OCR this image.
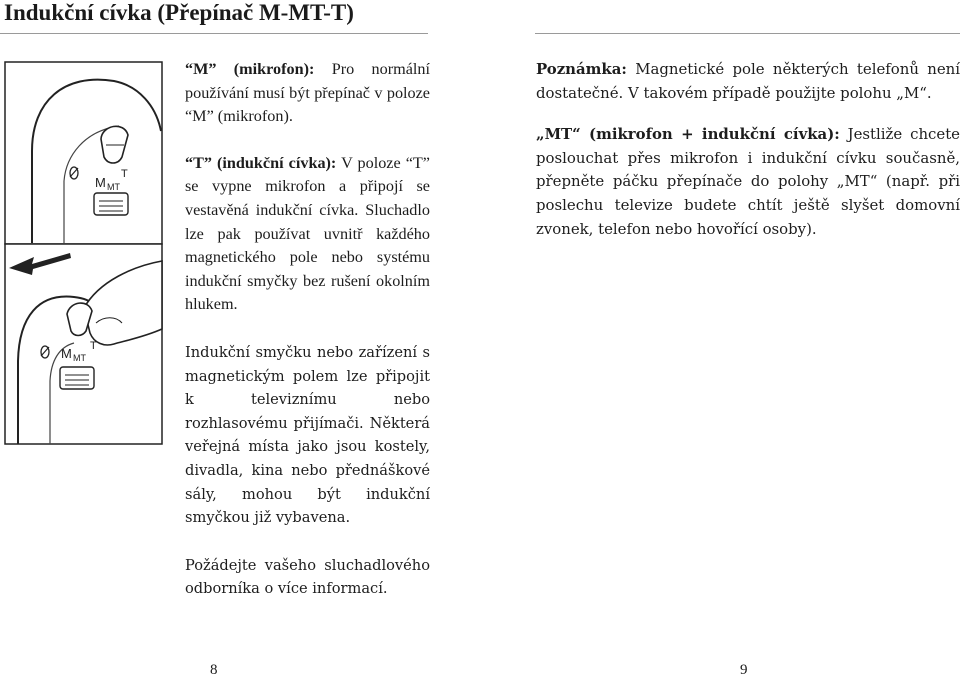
Indukční cívka (Přepínač M-MT-T)
M MT
T
M MT
T

“M” (mikrofon): Pro normální používání musí být přepínač v poloze “M” (mikrofon).

“T” (indukční cívka): V poloze “T” se vypne mikrofon a připojí se vestavěná indukční cívka. Sluchadlo lze pak používat uvnitř každého magnetického pole nebo systému indukční smyčky bez rušení okolním hlukem.

Indukční smyčku nebo zařízení s magnetickým polem lze připojit k televiznímu nebo rozhlasovému přijímači. Některá veřejná místa jako jsou kostely, divadla, kina nebo přednáškové sály, mohou být indukční smyčkou již vybavena.

Požádejte vašeho sluchadlového odborníka o více informací.

Poznámka: Magnetické pole některých telefonů není dostatečné. V takovém případě použijte polohu „M“.

„MT“ (mikrofon + indukční cívka): Jestliže chcete poslouchat přes mikrofon i indukční cívku současně, přepněte páčku přepínače do polohy „MT“ (např. při poslechu televize budete chtít ještě slyšet domovní zvonek, telefon nebo hovořící osoby).

8	9
